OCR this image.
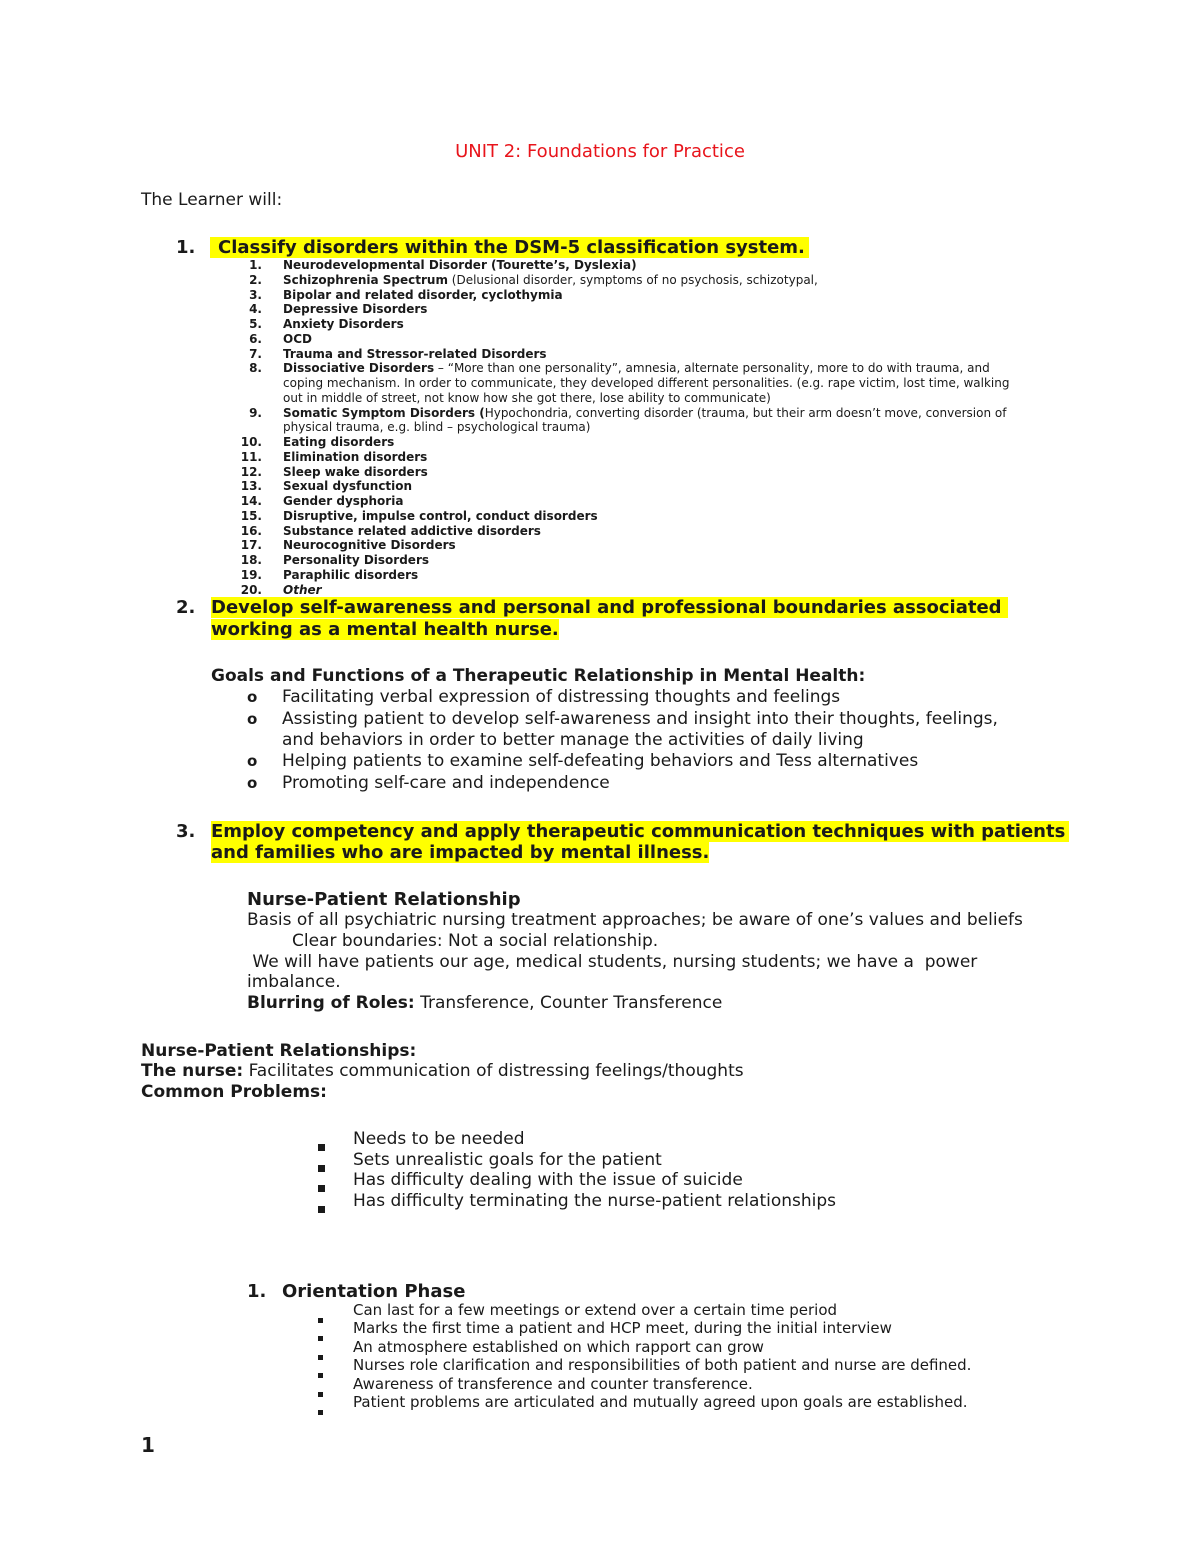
UNIT 2: Foundations for Practice
The Learner will:
1.	Classify disorders within the DSM-5 classification system.
1. Neurodevelopmental Disorder (Tourette’s, Dyslexia)
2. Schizophrenia Spectrum (Delusional disorder, symptoms of no psychosis, schizotypal,
3. Bipolar and related disorder, cyclothymia
4. Depressive Disorders
5. Anxiety Disorders
6. OCD
7. Trauma and Stressor-related Disorders
8. Dissociative Disorders – “More than one personality”, amnesia, alternate personality, more to do with trauma, and
coping mechanism. In order to communicate, they developed different personalities. (e.g. rape victim, lost time, walking
out in middle of street, not know how she got there, lose ability to communicate)
9. Somatic Symptom Disorders (Hypochondria, converting disorder (trauma, but their arm doesn’t move, conversion of
physical trauma, e.g. blind – psychological trauma)
10. Eating disorders
11. Elimination disorders
12. Sleep wake disorders
13. Sexual dysfunction
14. Gender dysphoria
15. Disruptive, impulse control, conduct disorders
16. Substance related addictive disorders
17. Neurocognitive Disorders
18. Personality Disorders
19. Paraphilic disorders
20. Other
2. Develop self-awareness and personal and professional boundaries associated
working as a mental health nurse.
Goals and Functions of a Therapeutic Relationship in Mental Health:
o Facilitating verbal expression of distressing thoughts and feelings
o Assisting patient to develop self-awareness and insight into their thoughts, feelings,
and behaviors in order to better manage the activities of daily living
o Helping patients to examine self-defeating behaviors and Tess alternatives
o Promoting self-care and independence
3. Employ competency and apply therapeutic communication techniques with patients
and families who are impacted by mental illness.
Nurse-Patient Relationship
Basis of all psychiatric nursing treatment approaches; be aware of one’s values and beliefs
Clear boundaries: Not a social relationship.
We will have patients our age, medical students, nursing students; we have a  power
imbalance.
Blurring of Roles: Transference, Counter Transference
Nurse-Patient Relationships:
The nurse: Facilitates communication of distressing feelings/thoughts
Common Problems:
Needs to be needed
Sets unrealistic goals for the patient
Has difficulty dealing with the issue of suicide
Has difficulty terminating the nurse-patient relationships
1. Orientation Phase
Can last for a few meetings or extend over a certain time period
Marks the first time a patient and HCP meet, during the initial interview
An atmosphere established on which rapport can grow
Nurses role clarification and responsibilities of both patient and nurse are defined.
Awareness of transference and counter transference.
Patient problems are articulated and mutually agreed upon goals are established.
1
